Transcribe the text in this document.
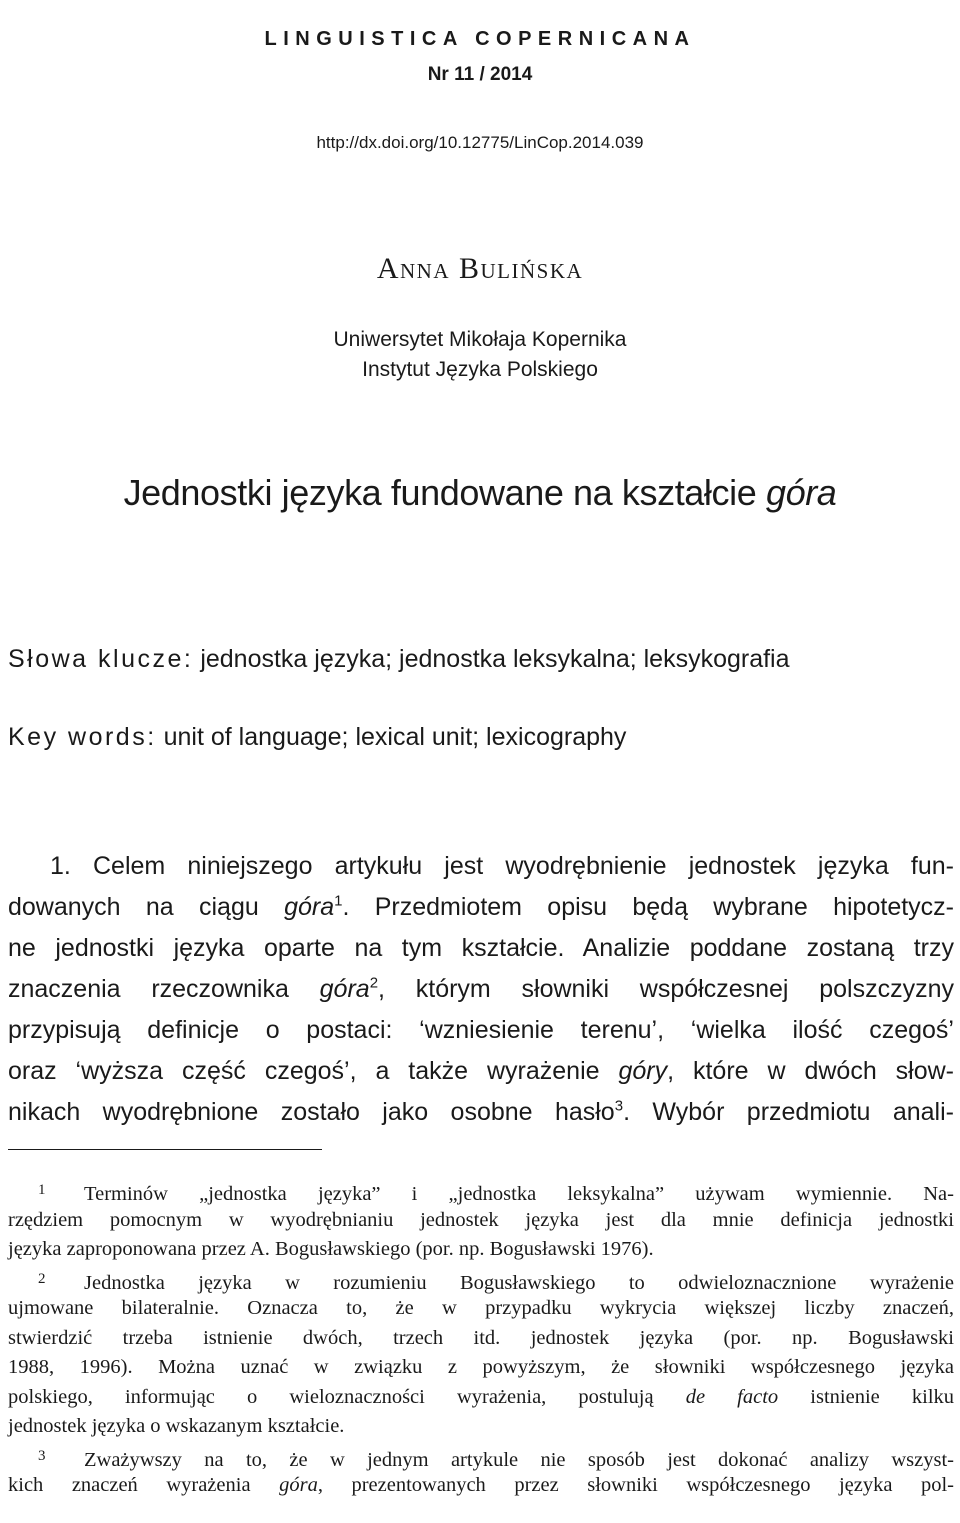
LINGUISTICA COPERNICANA
Nr 11 / 2014
http://dx.doi.org/10.12775/LinCop.2014.039
Anna Bulińska
Uniwersytet Mikołaja Kopernika
Instytut Języka Polskiego
Jednostki języka fundowane na kształcie góra
Słowa klucze: jednostka języka; jednostka leksykalna; leksykografia
Key words: unit of language; lexical unit; lexicography
1. Celem niniejszego artykułu jest wyodrębnienie jednostek języka fun-
dowanych na ciągu góra$^1$. Przedmiotem opisu będą wybrane hipotetycz-
ne jednostki języka oparte na tym kształcie. Analizie poddane zostaną trzy
znaczenia rzeczownika góra$^2$, którym słowniki współczesnej polszczyzny
przypisują definicje o postaci: ‘wzniesienie terenu’, ‘wielka ilość czegoś’
oraz ‘wyższa część czegoś’, a także wyrażenie góry, które w dwóch słow-
nikach wyodrębnione zostało jako osobne hasło$^3$. Wybór przedmiotu anali-
1 Terminów „jednostka języka” i „jednostka leksykalna” używam wymiennie. Na-
rzędziem pomocnym w wyodrębnianiu jednostek języka jest dla mnie definicja jednostki
języka zaproponowana przez A. Bogusławskiego (por. np. Bogusławski 1976).
2 Jednostka języka w rozumieniu Bogusławskiego to odwieloznacznione wyrażenie
ujmowane bilateralnie. Oznacza to, że w przypadku wykrycia większej liczby znaczeń,
stwierdzić trzeba istnienie dwóch, trzech itd. jednostek języka (por. np. Bogusławski
1988, 1996). Można uznać w związku z powyższym, że słowniki współczesnego języka
polskiego, informując o wieloznaczności wyrażenia, postulują de facto istnienie kilku
jednostek języka o wskazanym kształcie.
3 Zważywszy na to, że w jednym artykule nie sposób jest dokonać analizy wszyst-
kich znaczeń wyrażenia góra, prezentowanych przez słowniki współczesnego języka pol-
